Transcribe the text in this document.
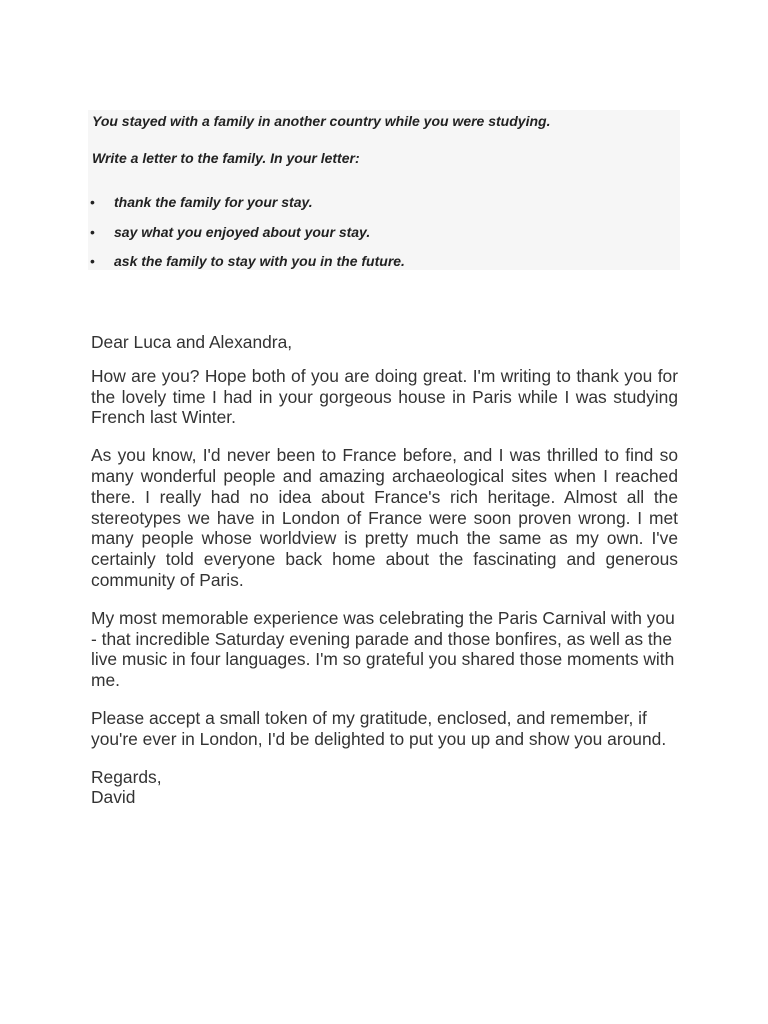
You stayed with a family in another country while you were studying.

Write a letter to the family. In your letter:

• thank the family for your stay.
• say what you enjoyed about your stay.
• ask the family to stay with you in the future.

Dear Luca and Alexandra,

How are you? Hope both of you are doing great. I'm writing to thank you for the lovely time I had in your gorgeous house in Paris while I was studying French last Winter.

As you know, I'd never been to France before, and I was thrilled to find so many wonderful people and amazing archaeological sites when I reached there. I really had no idea about France's rich heritage. Almost all the stereotypes we have in London of France were soon proven wrong. I met many people whose worldview is pretty much the same as my own. I've certainly told everyone back home about the fascinating and generous community of Paris.

My most memorable experience was celebrating the Paris Carnival with you - that incredible Saturday evening parade and those bonfires, as well as the live music in four languages. I'm so grateful you shared those moments with me.

Please accept a small token of my gratitude, enclosed, and remember, if you're ever in London, I'd be delighted to put you up and show you around.

Regards,

David
